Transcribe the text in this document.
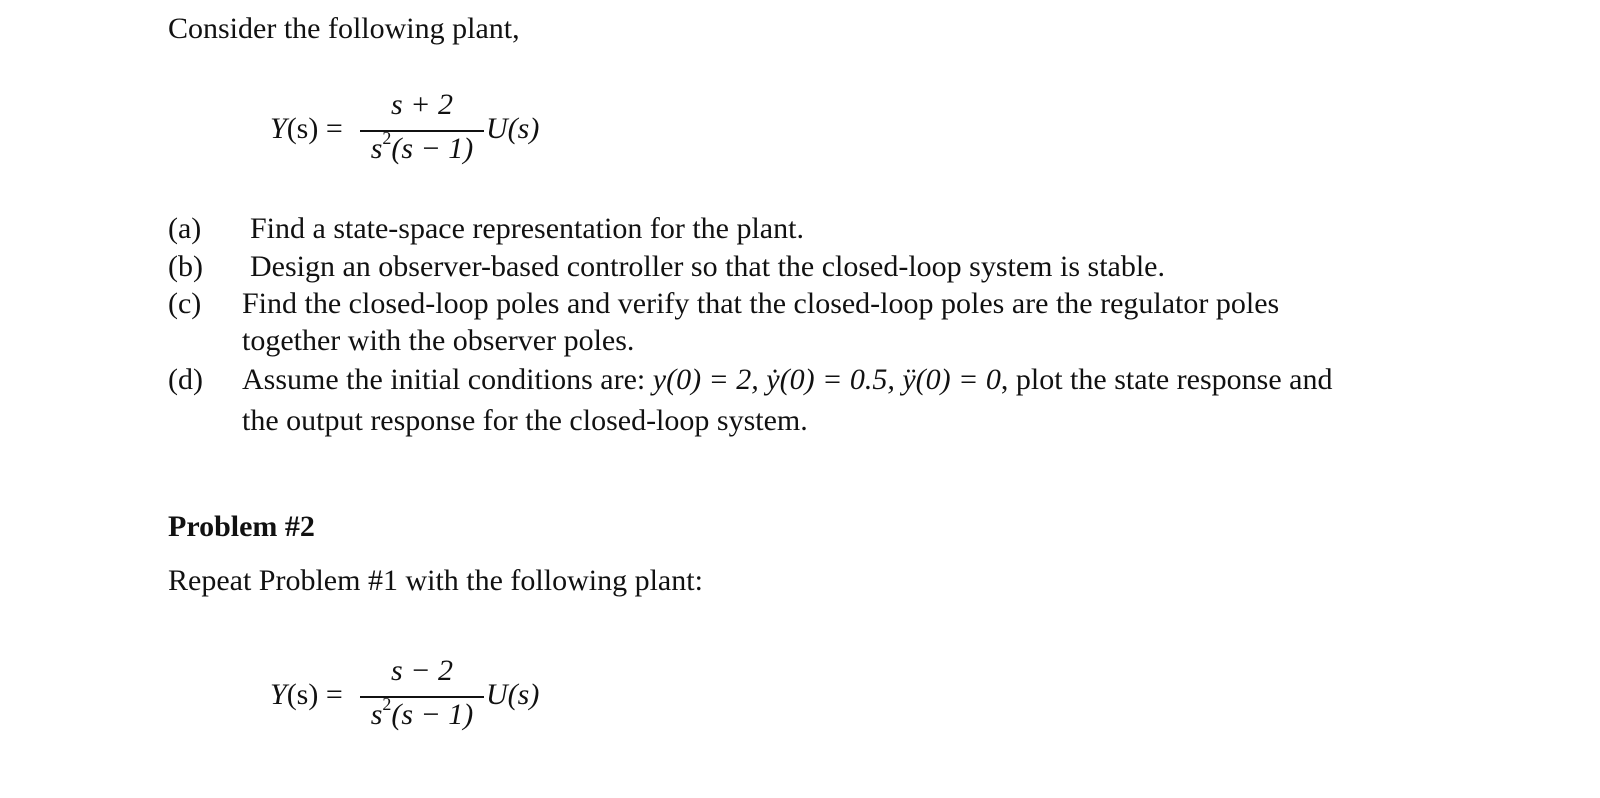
Consider the following plant,
Y(s) =
s + 2
$s^2(s - 1)$
U(s)
(a) Find a state-space representation for the plant.
(b) Design an observer-based controller so that the closed-loop system is stable.
(c) Find the closed-loop poles and verify that the closed-loop poles are the regulator poles
together with the observer poles.
(d) Assume the initial conditions are: y(0) = 2, ẏ(0) = 0.5, ÿ(0) = 0, plot the state response and
the output response for the closed-loop system.
Problem #2
Repeat Problem #1 with the following plant:
Y(s) =
s − 2
$s^2(s - 1)$
U(s)
